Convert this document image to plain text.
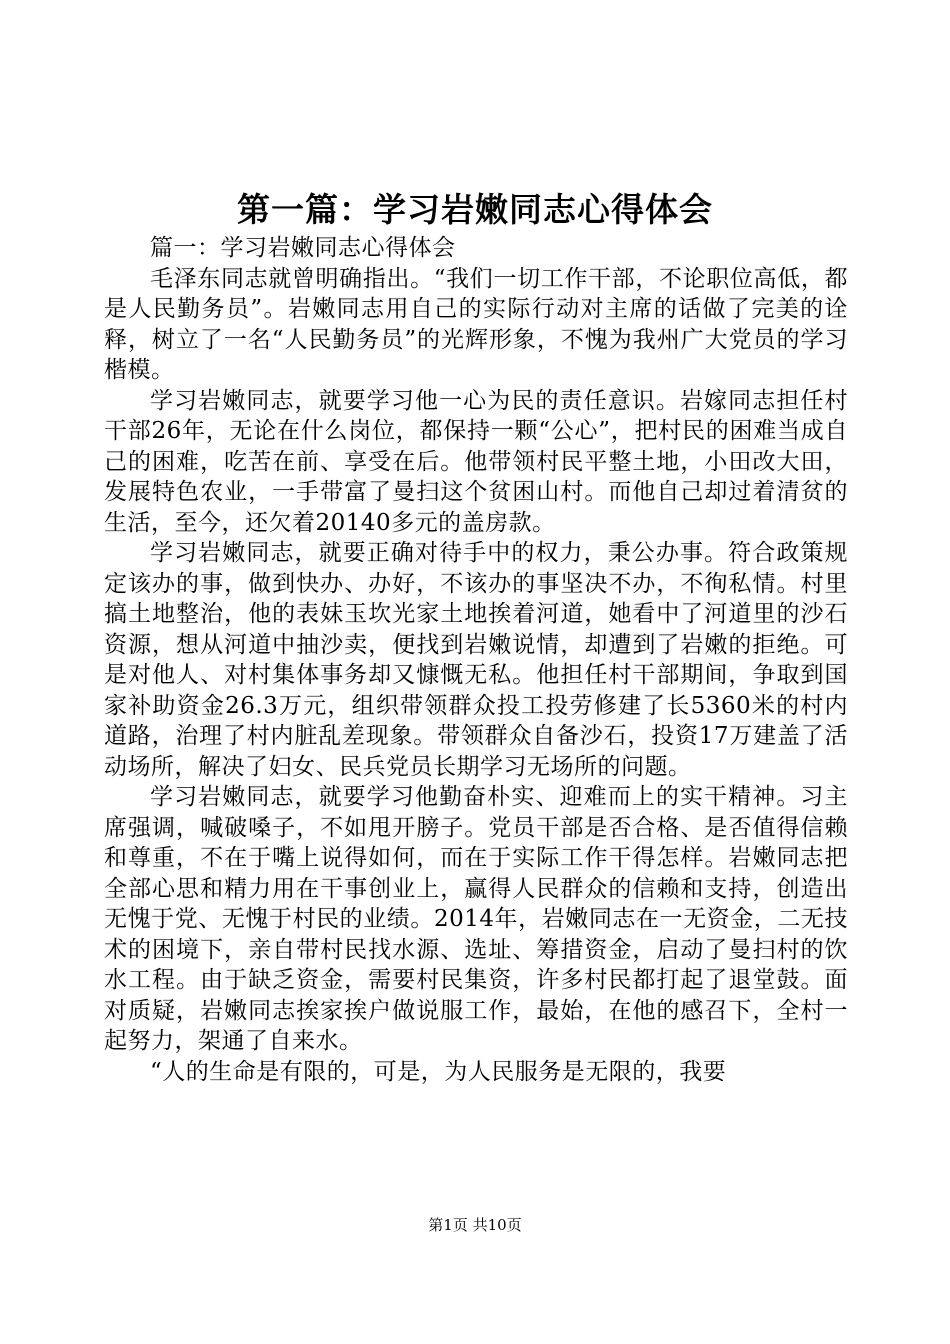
第一篇：学习岩嫩同志心得体会

篇一：学习岩嫩同志心得体会

毛泽东同志就曾明确指出。“我们一切工作干部，不论职位高低，都是人民勤务员”。岩嫩同志用自己的实际行动对主席的话做了完美的诠释，树立了一名“人民勤务员”的光辉形象，不愧为我州广大党员的学习楷模。

学习岩嫩同志，就要学习他一心为民的责任意识。岩嫁同志担任村干部26年，无论在什么岗位，都保持一颗“公心”，把村民的困难当成自己的困难，吃苦在前、享受在后。他带领村民平整土地，小田改大田，发展特色农业，一手带富了曼扫这个贫困山村。而他自己却过着清贫的生活，至今，还欠着20140多元的盖房款。

学习岩嫩同志，就要正确对待手中的权力，秉公办事。符合政策规定该办的事，做到快办、办好，不该办的事坚决不办，不徇私情。村里搞土地整治，他的表妹玉坎光家土地挨着河道，她看中了河道里的沙石资源，想从河道中抽沙卖，便找到岩嫩说情，却遭到了岩嫩的拒绝。可是对他人、对村集体事务却又慷慨无私。他担任村干部期间，争取到国家补助资金26.3万元，组织带领群众投工投劳修建了长5360米的村内道路，治理了村内脏乱差现象。带领群众自备沙石，投资17万建盖了活动场所，解决了妇女、民兵党员长期学习无场所的问题。

学习岩嫩同志，就要学习他勤奋朴实、迎难而上的实干精神。习主席强调，喊破嗓子，不如甩开膀子。党员干部是否合格、是否值得信赖和尊重，不在于嘴上说得如何，而在于实际工作干得怎样。岩嫩同志把全部心思和精力用在干事创业上，赢得人民群众的信赖和支持，创造出无愧于党、无愧于村民的业绩。2014年，岩嫩同志在一无资金，二无技术的困境下，亲自带村民找水源、选址、筹措资金，启动了曼扫村的饮水工程。由于缺乏资金，需要村民集资，许多村民都打起了退堂鼓。面对质疑，岩嫩同志挨家挨户做说服工作，最始，在他的感召下，全村一起努力，架通了自来水。

“人的生命是有限的，可是，为人民服务是无限的，我要

第1页 共10页
